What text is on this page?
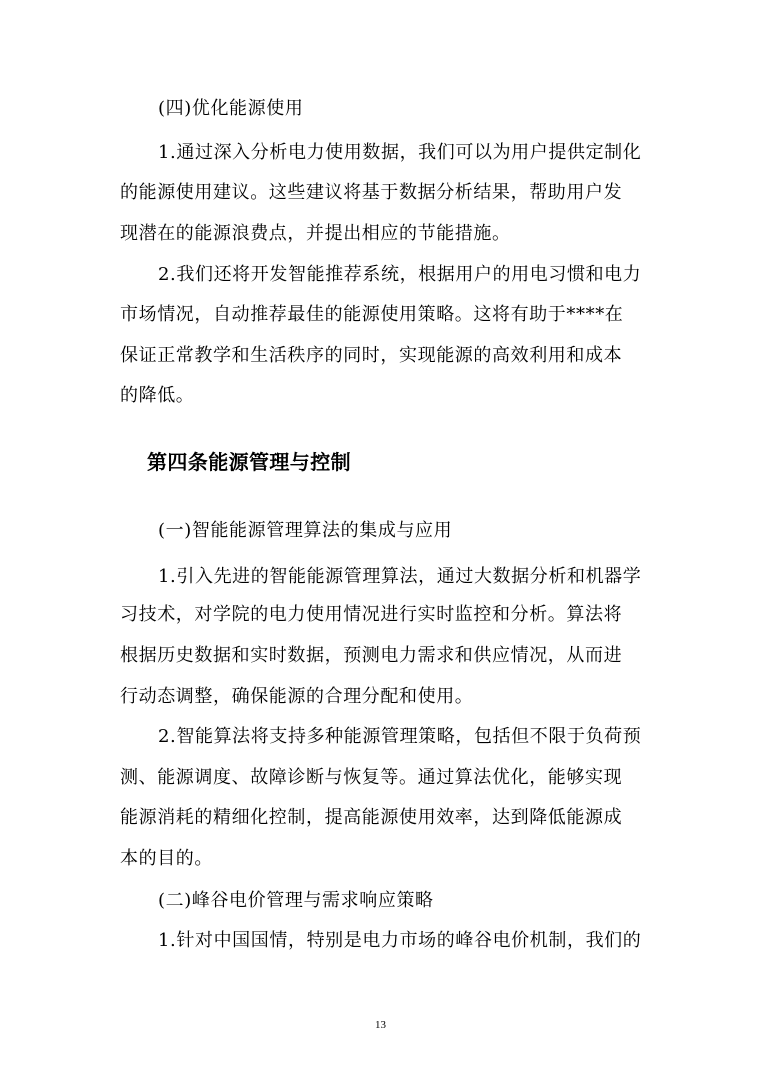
(四)优化能源使用
1.通过深入分析电力使用数据，我们可以为用户提供定制化
的能源使用建议。这些建议将基于数据分析结果，帮助用户发
现潜在的能源浪费点，并提出相应的节能措施。
2.我们还将开发智能推荐系统，根据用户的用电习惯和电力
市场情况，自动推荐最佳的能源使用策略。这将有助于****在
保证正常教学和生活秩序的同时，实现能源的高效利用和成本
的降低。
第四条能源管理与控制
(一)智能能源管理算法的集成与应用
1.引入先进的智能能源管理算法，通过大数据分析和机器学
习技术，对学院的电力使用情况进行实时监控和分析。算法将
根据历史数据和实时数据，预测电力需求和供应情况，从而进
行动态调整，确保能源的合理分配和使用。
2.智能算法将支持多种能源管理策略，包括但不限于负荷预
测、能源调度、故障诊断与恢复等。通过算法优化，能够实现
能源消耗的精细化控制，提高能源使用效率，达到降低能源成
本的目的。
(二)峰谷电价管理与需求响应策略
1.针对中国国情，特别是电力市场的峰谷电价机制，我们的
13
